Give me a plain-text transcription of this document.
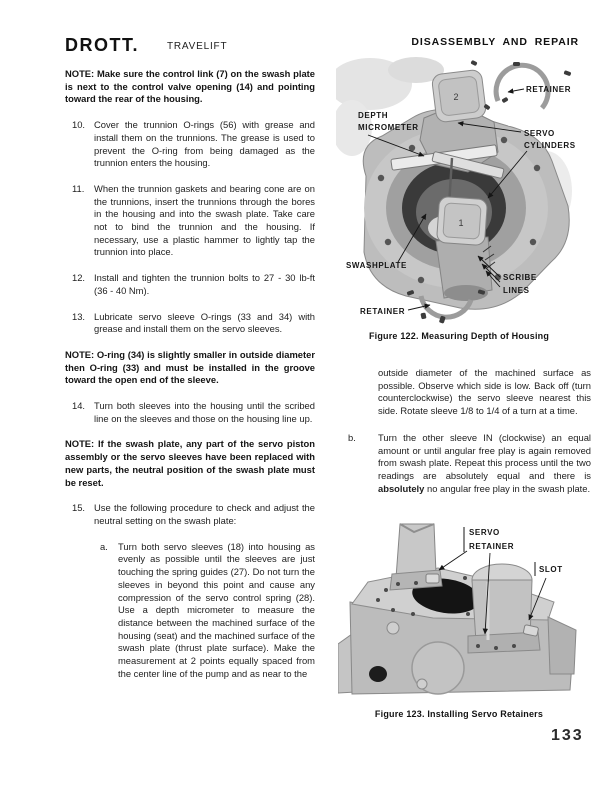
DROTT.	TRAVELIFT	DISASSEMBLY AND REPAIR
NOTE: Make sure the control link (7) on the swash plate is next to the control valve opening (14) and pointing toward the rear of the housing.
10. Cover the trunnion O-rings (56) with grease and install them on the trunnions. The grease is used to prevent the O-ring from being damaged as the trunnion enters the housing.
11. When the trunnion gaskets and bearing cone are on the trunnions, insert the trunnions through the bores in the housing and into the swash plate. Take care not to bind the trunnion and the housing. If necessary, use a plastic hammer to lightly tap the trunnion into place.
12. Install and tighten the trunnion bolts to 27 - 30 lb-ft (36 - 40 Nm).
13. Lubricate servo sleeve O-rings (33 and 34) with grease and install them on the servo sleeves.
NOTE: O-ring (34) is slightly smaller in outside diameter then O-ring (33) and must be installed in the groove toward the open end of the sleeve.
14. Turn both sleeves into the housing until the scribed line on the sleeves and those on the housing line up.
NOTE: If the swash plate, any part of the servo piston assembly or the servo sleeves have been replaced with new parts, the neutral position of the swash plate must be reset.
15. Use the following procedure to check and adjust the neutral setting on the swash plate:
a. Turn both servo sleeves (18) into housing as evenly as possible until the sleeves are just touching the spring guides (27). Do not turn the sleeves in beyond this point and cause any compression of the servo control spring (28). Use a depth micrometer to measure the distance between the machined surface of the housing (seat) and the machined surface of the swash plate (thrust plate surface). Make the measurement at 2 points equally spaced from the center line of the pump and as near to the
outside diameter of the machined surface as possible. Observe which side is low. Back off (turn counterclockwise) the servo sleeve nearest this side. Rotate sleeve 1/8 to 1/4 of a turn at a time.
b. Turn the other sleeve IN (clockwise) an equal amount or until angular free play is again removed from swash plate. Repeat this process until the two readings are absolutely equal and there is absolutely no angular free play in the swash plate.
2
1
RETAINER
DEPTH
MICROMETER
SERVO
CYLINDERS
SWASHPLATE
SCRIBE
LINES
RETAINER
Figure 122. Measuring Depth of Housing
SERVO
RETAINER
SLOT
Figure 123. Installing Servo Retainers
133
